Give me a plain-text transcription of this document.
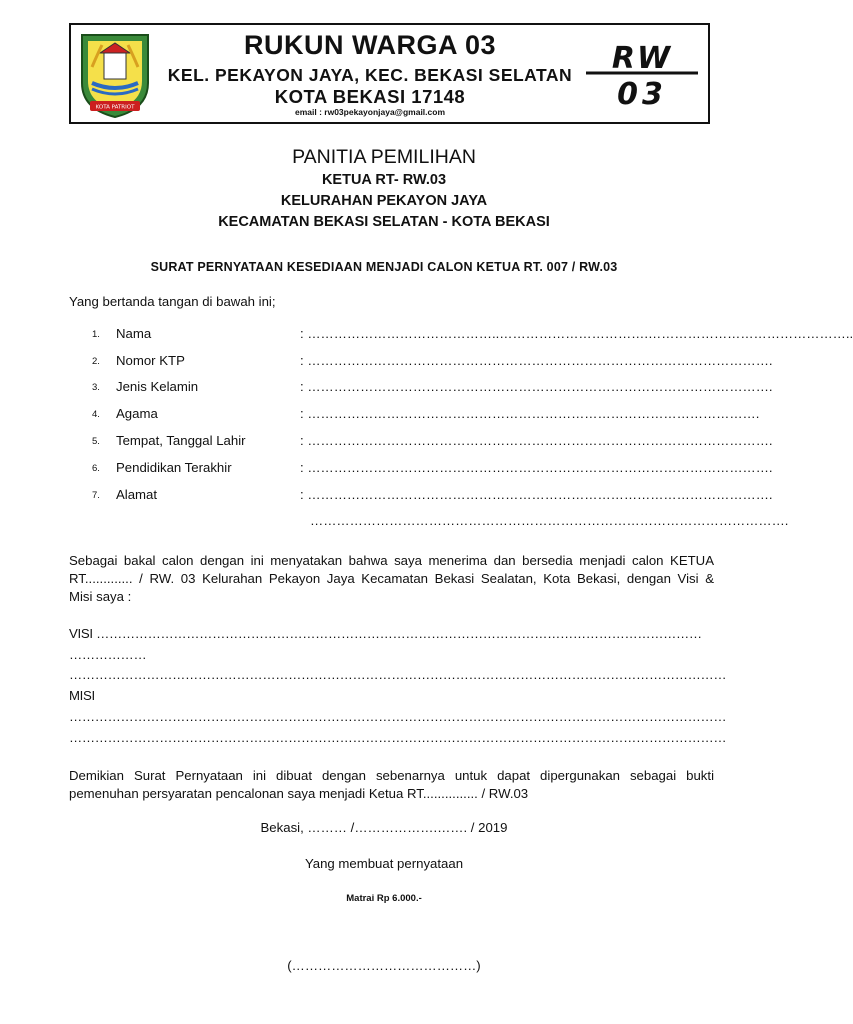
KOTA PATRIOT
RUKUN WARGA 03
KEL. PEKAYON JAYA, KEC. BEKASI SELATAN
KOTA BEKASI 17148
email : rw03pekayonjaya@gmail.com
RW
03
PANITIA PEMILIHAN
KETUA RT- RW.03
KELURAHAN PEKAYON JAYA
KECAMATAN BEKASI SELATAN - KOTA BEKASI
SURAT PERNYATAAN KESEDIAAN MENJADI CALON KETUA RT. 007 / RW.03
Yang bertanda tangan di bawah ini;
1. Nama	: ……………………………………..…………………………….………………………………………..
2. Nomor KTP	: …………………………………………………………………………………………….
3. Jenis Kelamin	: …………………………………………………………………………………………….
4. Agama	: ………………………………………………………………………………………….
5. Tempat, Tanggal Lahir	: …………………………………………………………………………………………….
6. Pendidikan Terakhir	: …………………………………………………………………………………………….
7. Alamat	: …………………………………………………………………………………………….
……………………………………………………………………………………………….
Sebagai bakal calon dengan ini menyatakan bahwa saya menerima dan bersedia menjadi calon KETUA
RT............. / RW. 03 Kelurahan Pekayon Jaya Kecamatan Bekasi Sealatan, Kota Bekasi, dengan Visi &
Misi saya :
VISI ……………………………………………………………………………………………………………………………
………………
………………………………………………………………………………………………………………………………………
MISI
………………………………………………………………………………………………………………………………………
………………………………………………………………………………………………………………………………………
Demikian Surat Pernyataan ini dibuat dengan sebenarnya untuk dapat dipergunakan sebagai bukti
pemenuhan persyaratan pencalonan saya menjadi Ketua RT............... / RW.03
Bekasi, ……… /……………….……. / 2019
Yang membuat pernyataan
Matrai Rp 6.000.-
(……………………………………)
